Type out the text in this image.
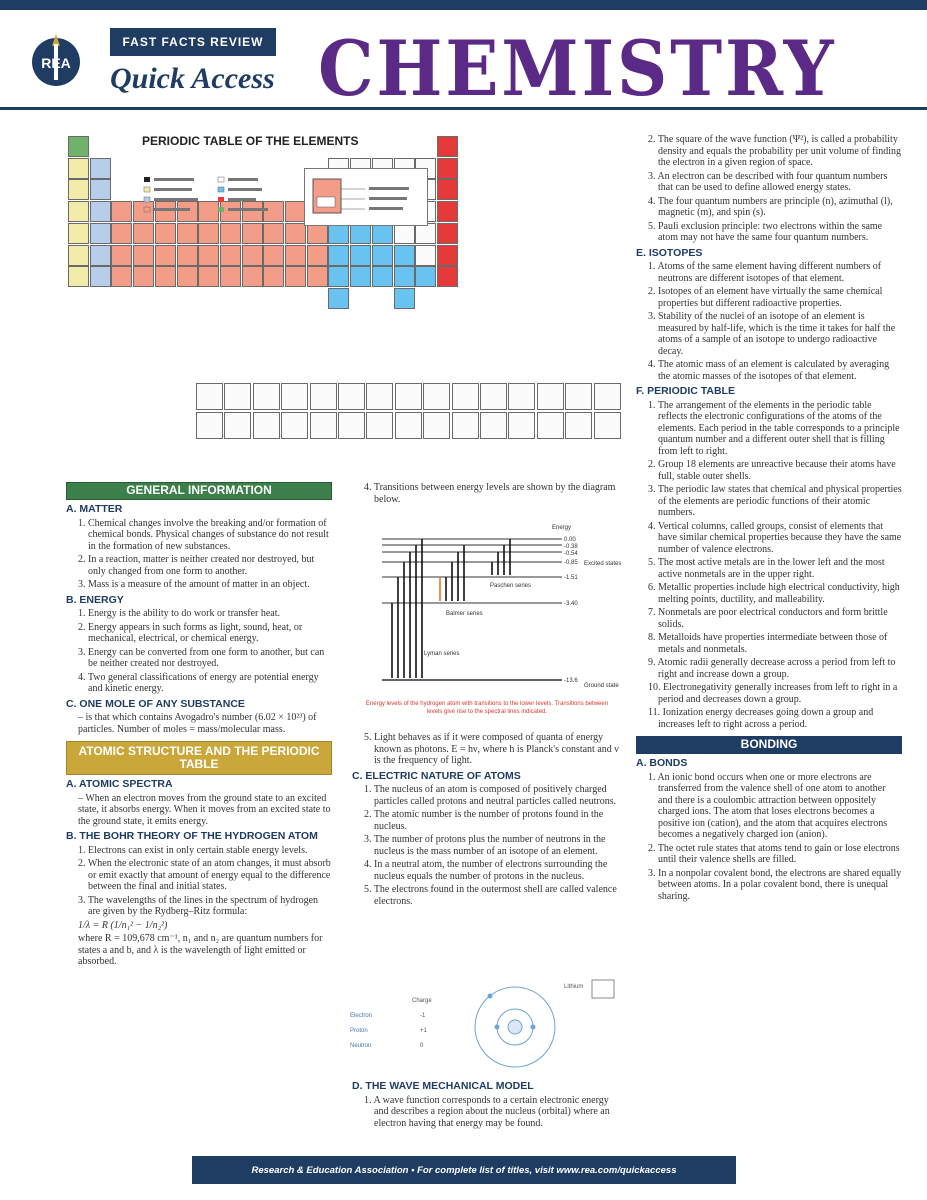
REA
FAST FACTS REVIEW
Quick Access CHEMISTRY
PERIODIC TABLE OF THE ELEMENTS	2. The square of the wave function (Ψ²), is called a probability density and equals the probability per unit volume of finding the electron in a given region of space.
3. An electron can be described with four quantum numbers that can be used to define allowed energy states.
4. The four quantum numbers are principle (n), azimuthal (l), magnetic (m), and spin (s).
5. Pauli exclusion principle: two electrons within the same atom may not have the same four quantum numbers.
E. ISOTOPES
1. Atoms of the same element having different numbers of neutrons are different isotopes of that element.
2. Isotopes of an element have virtually the same chemical properties but different radioactive properties.
3. Stability of the nuclei of an isotope of an element is measured by half-life, which is the time it takes for half the atoms of a sample of an isotope to undergo radioactive decay.
4. The atomic mass of an element is calculated by averaging the atomic masses of the isotopes of that element.
F. PERIODIC TABLE
1. The arrangement of the elements in the periodic table reflects the electronic configurations of the atoms of the elements. Each period in the table corresponds to a principle quantum number and a different outer shell that is filling from left to right.
2. Group 18 elements are unreactive because their atoms have full, stable outer shells.
3. The periodic law states that chemical and physical properties of the elements are periodic functions of their atomic numbers.
4. Vertical columns, called groups, consist of elements that have similar chemical properties because they have the same number of valence electrons.
5. The most active metals are in the lower left and the most active nonmetals are in the upper right.
6. Metallic properties include high electrical conductivity, high melting points, ductility, and malleability.
7. Nonmetals are poor electrical conductors and form brittle solids.
8. Metalloids have properties intermediate between those of metals and nonmetals.
9. Atomic radii generally decrease across a period from left to right and increase down a group.
10. Electronegativity generally increases from left to right in a period and decreases down a group.
11. Ionization energy decreases going down a group and increases left to right across a period.
BONDING
A. BONDS
1. An ionic bond occurs when one or more electrons are transferred from the valence shell of one atom to another and there is a coulombic attraction between oppositely charged ions. The atom that loses electrons becomes a positive ion (cation), and the atom that acquires electrons becomes a negatively charged ion (anion).
2. The octet rule states that atoms tend to gain or lose electrons until their valence shells are filled.
3. In a nonpolar covalent bond, the electrons are shared equally between atoms. In a polar covalent bond, there is unequal sharing.
GENERAL INFORMATION
A. MATTER
1. Chemical changes involve the breaking and/or formation of chemical bonds. Physical changes of substance do not result in the formation of new substances.
2. In a reaction, matter is neither created nor destroyed, but only changed from one form to another.
3. Mass is a measure of the amount of matter in an object.
B. ENERGY
1. Energy is the ability to do work or transfer heat.
2. Energy appears in such forms as light, sound, heat, or mechanical, electrical, or chemical energy.
3. Energy can be converted from one form to another, but can be neither created nor destroyed.
4. Two general classifications of energy are potential energy and kinetic energy.
C. ONE MOLE OF ANY SUBSTANCE
– is that which contains Avogadro's number (6.02 × 10²³) of particles. Number of moles = mass/molecular mass.
ATOMIC STRUCTURE AND THE PERIODIC TABLE
A. ATOMIC SPECTRA
– When an electron moves from the ground state to an excited state, it absorbs energy. When it moves from an excited state to the ground state, it emits energy.
B. THE BOHR THEORY OF THE HYDROGEN ATOM
1. Electrons can exist in only certain stable energy levels.
2. When the electronic state of an atom changes, it must absorb or emit exactly that amount of energy equal to the difference between the final and initial states.
3. The wavelengths of the lines in the spectrum of hydrogen are given by the Rydberg–Ritz formula:
1/λ = R (1/n₁² − 1/n₂²)
where R = 109,678 cm⁻¹, n₁ and n₂ are quantum numbers for states a and b, and λ is the wavelength of light emitted or absorbed.
4. Transitions between energy levels are shown by the diagram below.
0.00
-0.38
-0.54
-0.85
-1.51
-3.40
-13.6
Energy
Excited states
Ground state
Lyman series
Balmer series
Paschen series
Energy levels of the hydrogen atom with transitions to the lower levels. Transitions between levels give rise to the spectral lines indicated.
5. Light behaves as if it were composed of quanta of energy known as photons. E = hν, where h is Planck's constant and ν is the frequency of light.
C. ELECTRIC NATURE OF ATOMS
1. The nucleus of an atom is composed of positively charged particles called protons and neutral particles called neutrons.
2. The atomic number is the number of protons found in the nucleus.
3. The number of protons plus the number of neutrons in the nucleus is the mass number of an isotope of an element.
4. In a neutral atom, the number of electrons surrounding the nucleus equals the number of protons in the nucleus.
5. The electrons found in the outermost shell are called valence electrons.
Charge
Electron
Proton
Neutron
-1
+1
0
Lithium
D. THE WAVE MECHANICAL MODEL
1. A wave function corresponds to a certain electronic energy and describes a region about the nucleus (orbital) where an electron having that energy may be found.
Research & Education Association • For complete list of titles, visit www.rea.com/quickaccess
